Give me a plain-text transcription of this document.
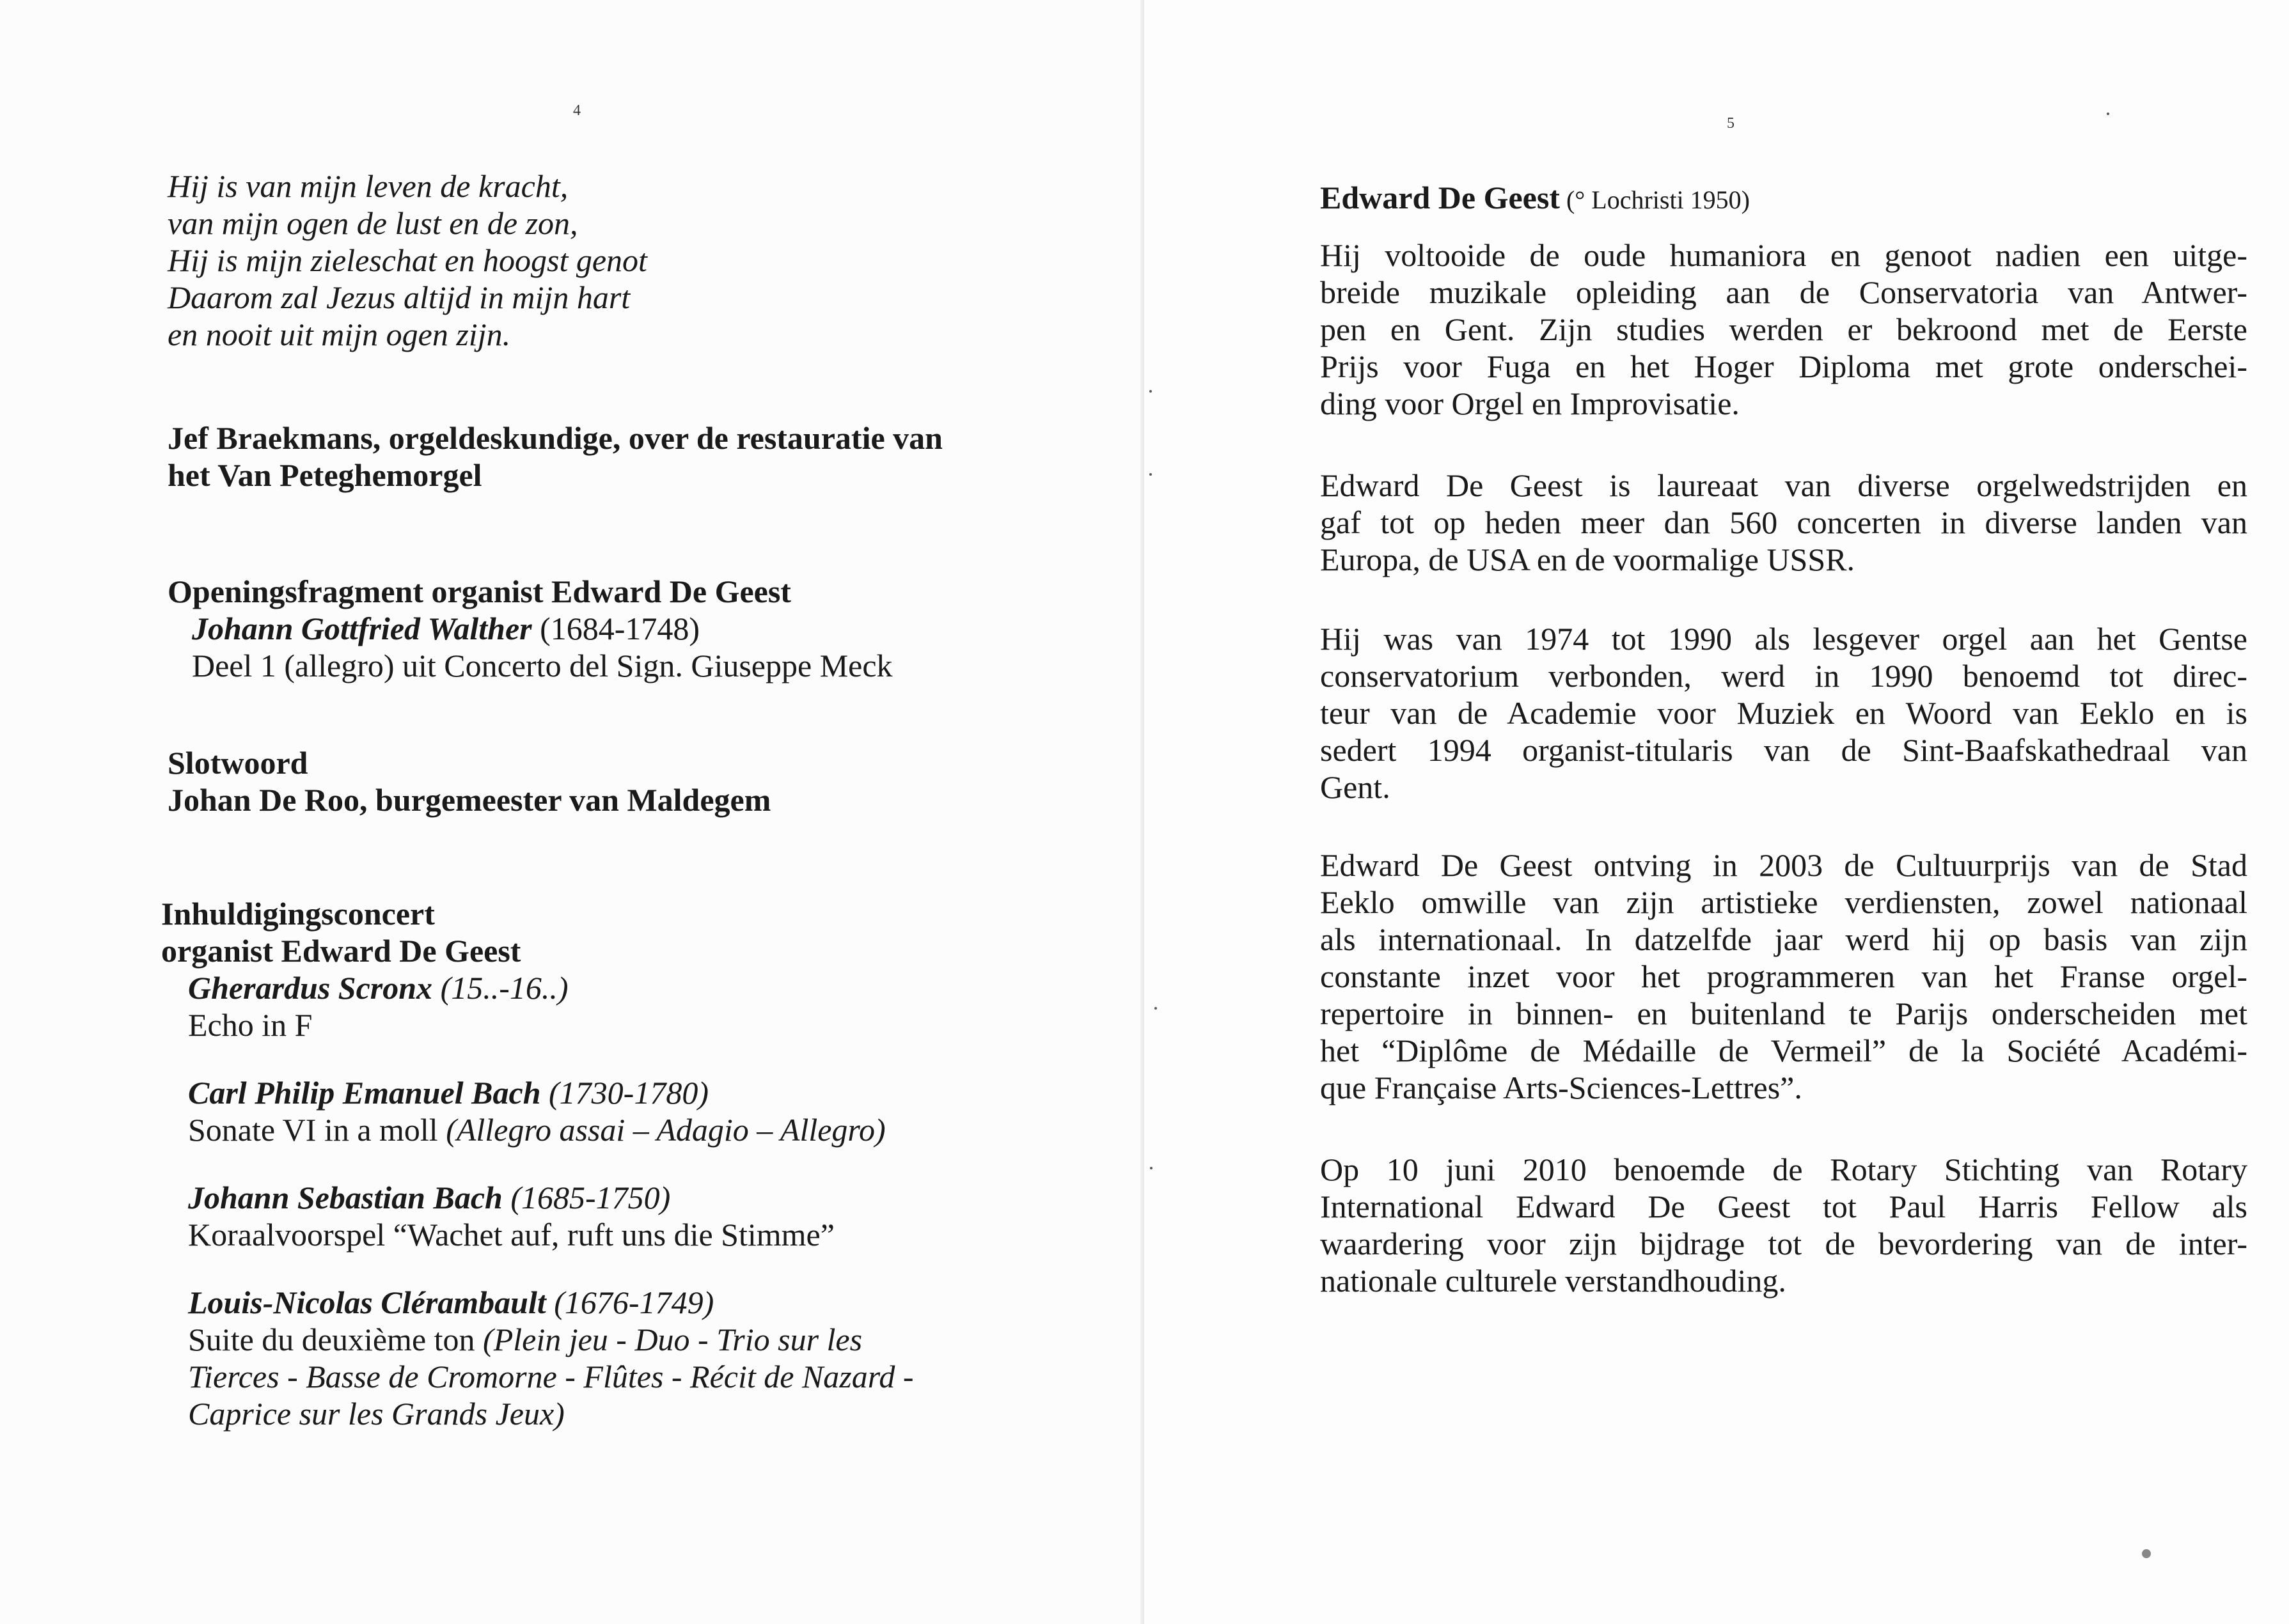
4
Hij is van mijn leven de kracht,
van mijn ogen de lust en de zon,
Hij is mijn zieleschat en hoogst genot
Daarom zal Jezus altijd in mijn hart
en nooit uit mijn ogen zijn.
Jef Braekmans, orgeldeskundige, over de restauratie van
het Van Peteghemorgel
Openingsfragment organist Edward De Geest
Johann Gottfried Walther (1684-1748)
Deel 1 (allegro) uit Concerto del Sign. Giuseppe Meck
Slotwoord
Johan De Roo, burgemeester van Maldegem
Inhuldigingsconcert
organist Edward De Geest
Gherardus Scronx (15..-16..)
Echo in F
Carl Philip Emanuel Bach (1730-1780)
Sonate VI in a moll (Allegro assai – Adagio – Allegro)
Johann Sebastian Bach (1685-1750)
Koraalvoorspel “Wachet auf, ruft uns die Stimme”
Louis-Nicolas Clérambault (1676-1749)
Suite du deuxième ton (Plein jeu - Duo - Trio sur les
Tierces - Basse de Cromorne - Flûtes - Récit de Nazard -
Caprice sur les Grands Jeux)
5
Edward De Geest (° Lochristi 1950)
Hij voltooide de oude humaniora en genoot nadien een uitge-
breide muzikale opleiding aan de Conservatoria van Antwer-
pen en Gent. Zijn studies werden er bekroond met de Eerste
Prijs voor Fuga en het Hoger Diploma met grote onderschei-
ding voor Orgel en Improvisatie.
Edward De Geest is laureaat van diverse orgelwedstrijden en
gaf tot op heden meer dan 560 concerten in diverse landen van
Europa, de USA en de voormalige USSR.
Hij was van 1974 tot 1990 als lesgever orgel aan het Gentse
conservatorium verbonden, werd in 1990 benoemd tot direc-
teur van de Academie voor Muziek en Woord van Eeklo en is
sedert 1994 organist-titularis van de Sint-Baafskathedraal van
Gent.
Edward De Geest ontving in 2003 de Cultuurprijs van de Stad
Eeklo omwille van zijn artistieke verdiensten, zowel nationaal
als internationaal. In datzelfde jaar werd hij op basis van zijn
constante inzet voor het programmeren van het Franse orgel-
repertoire in binnen- en buitenland te Parijs onderscheiden met
het “Diplôme de Médaille de Vermeil” de la Société Académi-
que Française Arts-Sciences-Lettres”.
Op 10 juni 2010 benoemde de Rotary Stichting van Rotary
International Edward De Geest tot Paul Harris Fellow als
waardering voor zijn bijdrage tot de bevordering van de inter-
nationale culturele verstandhouding.
